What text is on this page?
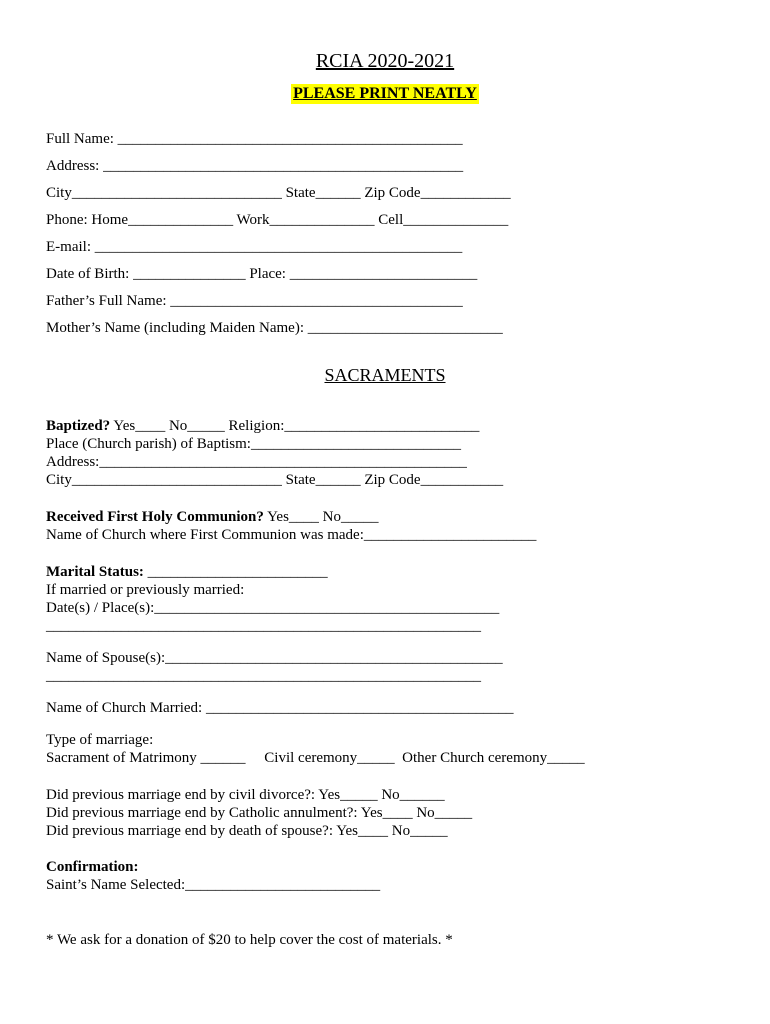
RCIA 2020-2021
PLEASE PRINT NEATLY
Full Name: ______________________________________________
Address: ________________________________________________
City____________________________ State______ Zip Code____________
Phone: Home______________ Work______________ Cell______________
E-mail: _________________________________________________
Date of Birth: _______________ Place: _________________________
Father’s Full Name: _______________________________________
Mother’s Name (including Maiden Name): __________________________
SACRAMENTS
Baptized? Yes____ No_____ Religion:__________________________
Place (Church parish) of Baptism:____________________________
Address:_________________________________________________
City____________________________ State______ Zip Code___________
Received First Holy Communion? Yes____ No_____
Name of Church where First Communion was made:_______________________
Marital Status: ________________________
If married or previously married:
Date(s) / Place(s):______________________________________________
__________________________________________________________
Name of Spouse(s):_____________________________________________
__________________________________________________________
Name of Church Married: _________________________________________
Type of marriage:
Sacrament of Matrimony ______     Civil ceremony_____  Other Church ceremony_____
Did previous marriage end by civil divorce?: Yes_____ No______
Did previous marriage end by Catholic annulment?: Yes____ No_____
Did previous marriage end by death of spouse?: Yes____ No_____
Confirmation:
Saint’s Name Selected:__________________________
* We ask for a donation of $20 to help cover the cost of materials. *
